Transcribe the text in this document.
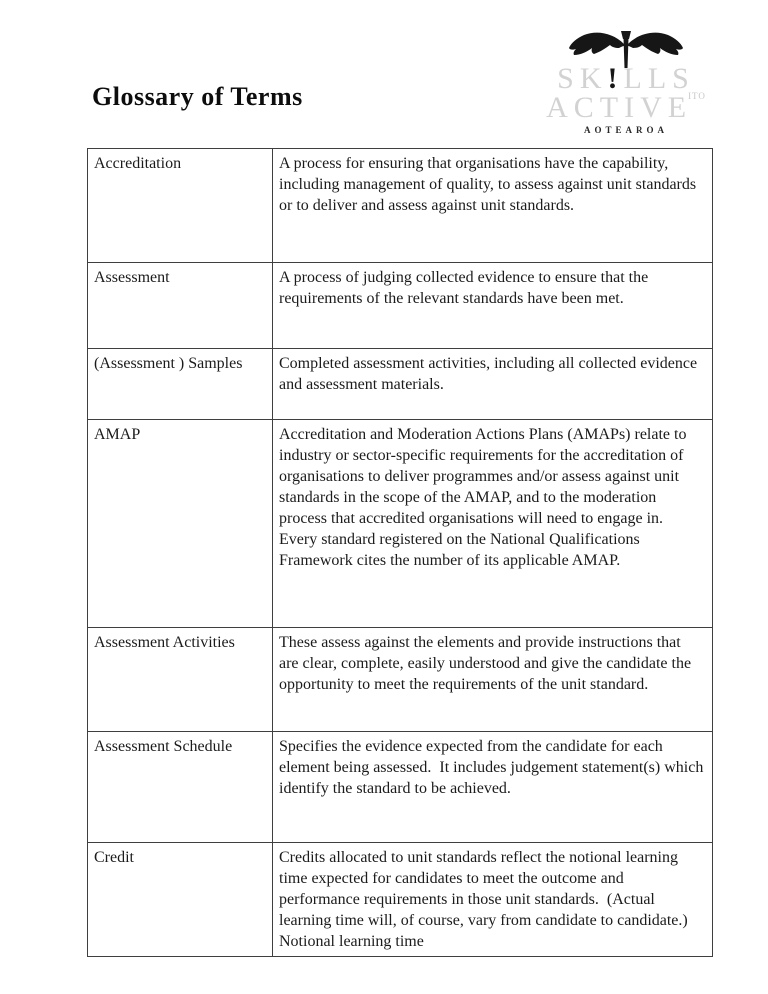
Glossary of Terms
SK!LLS
$ACTIVE^{ITO}$
AOTEAROA
Accreditation	A process for ensuring that organisations have the capability, including management of quality, to assess against unit standards or to deliver and assess against unit standards.
Assessment	A process of judging collected evidence to ensure that the requirements of the relevant standards have been met.
(Assessment ) Samples	Completed assessment activities, including all collected evidence and assessment materials.
AMAP	Accreditation and Moderation Actions Plans (AMAPs) relate to industry or sector-specific requirements for the accreditation of organisations to deliver programmes and/or assess against unit standards in the scope of the AMAP, and to the moderation process that accredited organisations will need to engage in. Every standard registered on the National Qualifications Framework cites the number of its applicable AMAP.
Assessment Activities	These assess against the elements and provide instructions that are clear, complete, easily understood and give the candidate the opportunity to meet the requirements of the unit standard.
Assessment Schedule	Specifies the evidence expected from the candidate for each element being assessed.  It includes judgement statement(s) which identify the standard to be achieved.
Credit	Credits allocated to unit standards reflect the notional learning time expected for candidates to meet the outcome and performance requirements in those unit standards.  (Actual learning time will, of course, vary from candidate to candidate.)  Notional learning time
